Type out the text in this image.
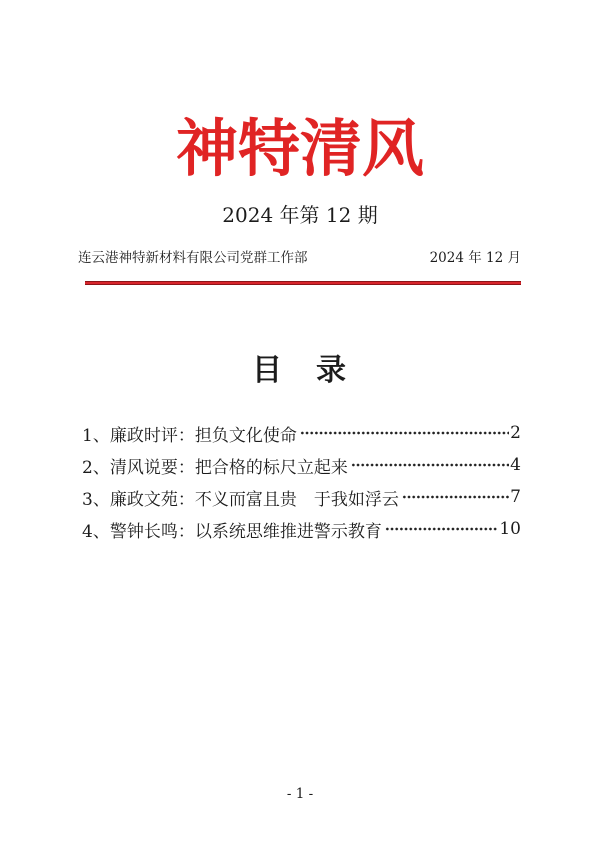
神特清风
2024 年第 12 期
连云港神特新材料有限公司党群工作部	2024 年 12 月
目　录
1、廉政时评：担负文化使命	2
2、清风说要：把合格的标尺立起来	4
3、廉政文苑：不义而富且贵　于我如浮云	7
4、警钟长鸣：以系统思维推进警示教育	10
- 1 -
